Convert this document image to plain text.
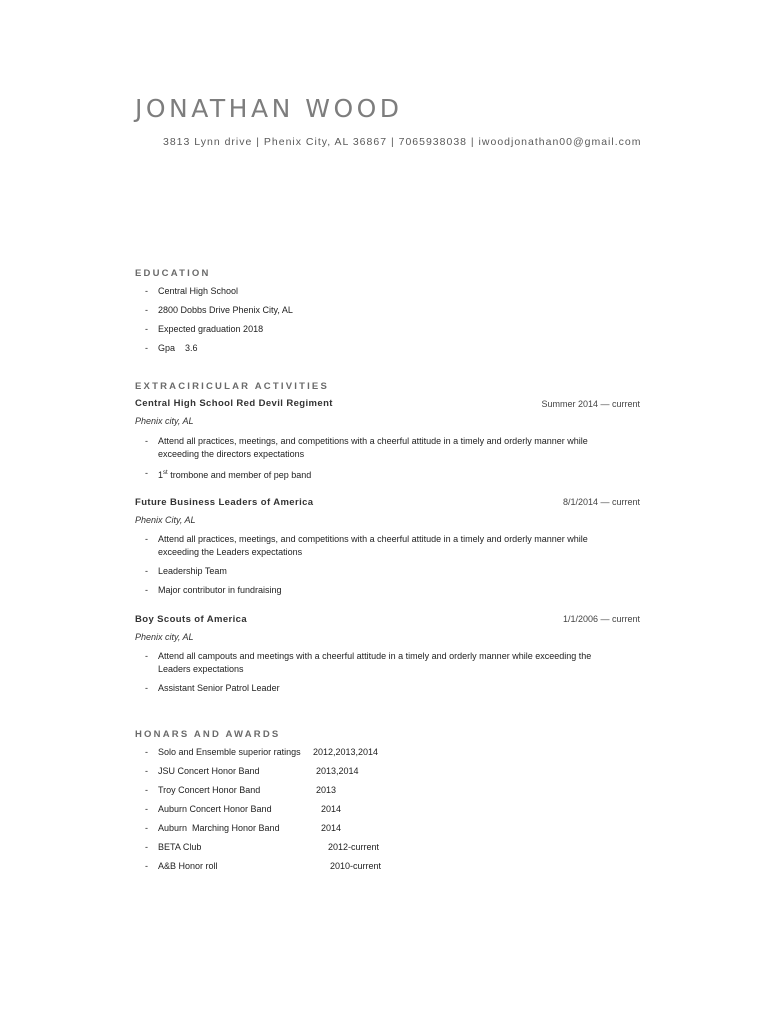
JONATHAN WOOD
3813 Lynn drive | Phenix City, AL 36867 | 7065938038 | iwoodjonathan00@gmail.com
EDUCATION
- Central High School
- 2800 Dobbs Drive Phenix City, AL
- Expected graduation 2018
- Gpa    3.6
EXTRACIRICULAR ACTIVITIES
Central High School Red Devil Regiment	Summer 2014 — current
Phenix city, AL
- Attend all practices, meetings, and competitions with a cheerful attitude in a timely and orderly manner while exceeding the directors expectations
- 1st trombone and member of pep band
Future Business Leaders of America	8/1/2014 — current
Phenix City, AL
- Attend all practices, meetings, and competitions with a cheerful attitude in a timely and orderly manner while exceeding the Leaders expectations
- Leadership Team
- Major contributor in fundraising
Boy Scouts of America	1/1/2006 — current
Phenix city, AL
- Attend all campouts and meetings with a cheerful attitude in a timely and orderly manner while exceeding the Leaders expectations
- Assistant Senior Patrol Leader
HONARS AND AWARDS
- Solo and Ensemble superior ratings 2012,2013,2014
- JSU Concert Honor Band	2013,2014
- Troy Concert Honor Band	2013
- Auburn Concert Honor Band	2014
- Auburn  Marching Honor Band	2014
- BETA Club	2012-current
- A&B Honor roll	2010-current
